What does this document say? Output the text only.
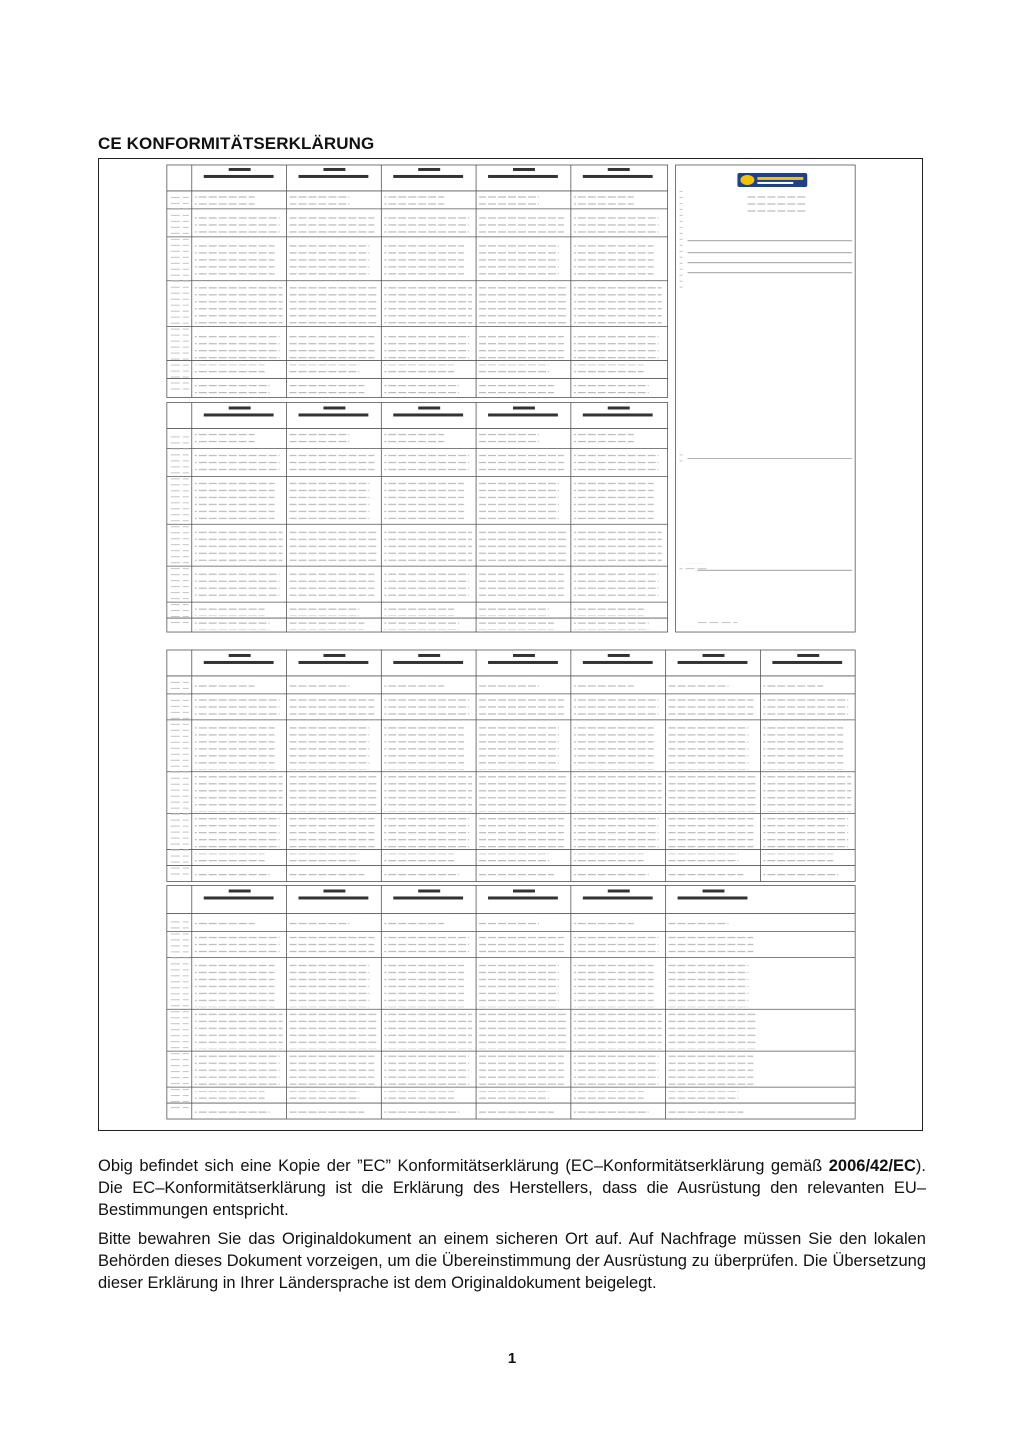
CE KONFORMITÄTSERKLÄRUNG

Obig befindet sich eine Kopie der ”EC” Konformitätserklärung (EC–Konformitätserklärung gemäß 2006/42/EC). Die EC–Konformitätserklärung ist die Erklärung des Herstellers, dass die Ausrüstung den relevanten EU–Bestimmungen entspricht.

Bitte bewahren Sie das Originaldokument an einem sicheren Ort auf. Auf Nachfrage müssen Sie den lokalen Behörden dieses Dokument vorzeigen, um die Übereinstimmung der Ausrüstung zu überprüfen. Die Übersetzung dieser Erklärung in Ihrer Ländersprache ist dem Originaldokument beigelegt.

1
